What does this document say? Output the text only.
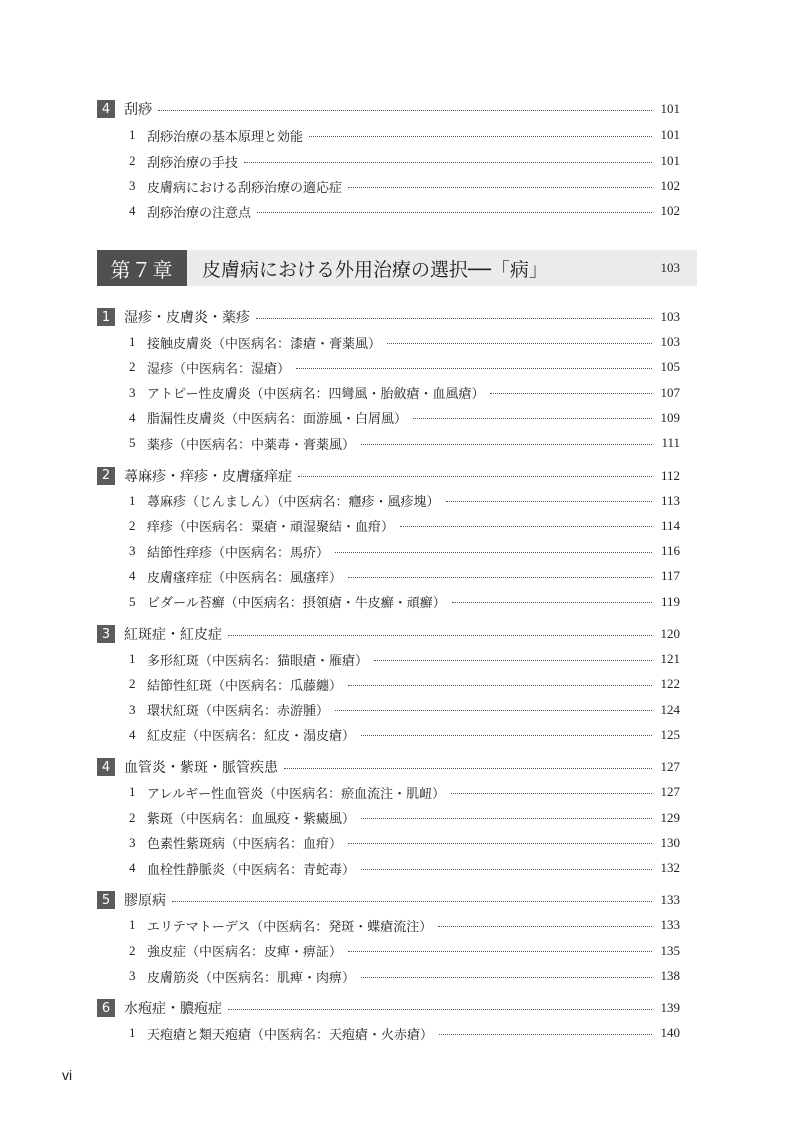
4 刮痧	101
1 刮痧治療の基本原理と効能	101
2 刮痧治療の手技	101
3 皮膚病における刮痧治療の適応症	102
4 刮痧治療の注意点	102
第７章	皮膚病における外用治療の選択──「病」	103
1 湿疹・皮膚炎・薬疹	103
1 接触皮膚炎（中医病名：漆瘡・膏薬風）	103
2 湿疹（中医病名：湿瘡）	105
3 アトピー性皮膚炎（中医病名：四彎風・胎斂瘡・血風瘡）	107
4 脂漏性皮膚炎（中医病名：面游風・白屑風）	109
5 薬疹（中医病名：中薬毒・膏薬風）	111
2 蕁麻疹・痒疹・皮膚瘙痒症	112
1 蕁麻疹（じんましん）（中医病名：癮疹・風疹塊）	113
2 痒疹（中医病名：粟瘡・頑湿聚結・血疳）	114
3 結節性痒疹（中医病名：馬疥）	116
4 皮膚瘙痒症（中医病名：風瘙痒）	117
5 ビダール苔癬（中医病名：摂領瘡・牛皮癬・頑癬）	119
3 紅斑症・紅皮症	120
1 多形紅斑（中医病名：猫眼瘡・雁瘡）	121
2 結節性紅斑（中医病名：瓜藤纏）	122
3 環状紅斑（中医病名：赤游腫）	124
4 紅皮症（中医病名：紅皮・溻皮瘡）	125
4 血管炎・紫斑・脈管疾患	127
1 アレルギー性血管炎（中医病名：瘀血流注・肌衄）	127
2 紫斑（中医病名：血風疫・紫癜風）	129
3 色素性紫斑病（中医病名：血疳）	130
4 血栓性静脈炎（中医病名：青蛇毒）	132
5 膠原病	133
1 エリテマトーデス（中医病名：発斑・蝶瘡流注）	133
2 強皮症（中医病名：皮痺・痹証）	135
3 皮膚筋炎（中医病名：肌痺・肉痹）	138
6 水疱症・膿疱症	139
1 天疱瘡と類天疱瘡（中医病名：天疱瘡・火赤瘡）	140
vi
